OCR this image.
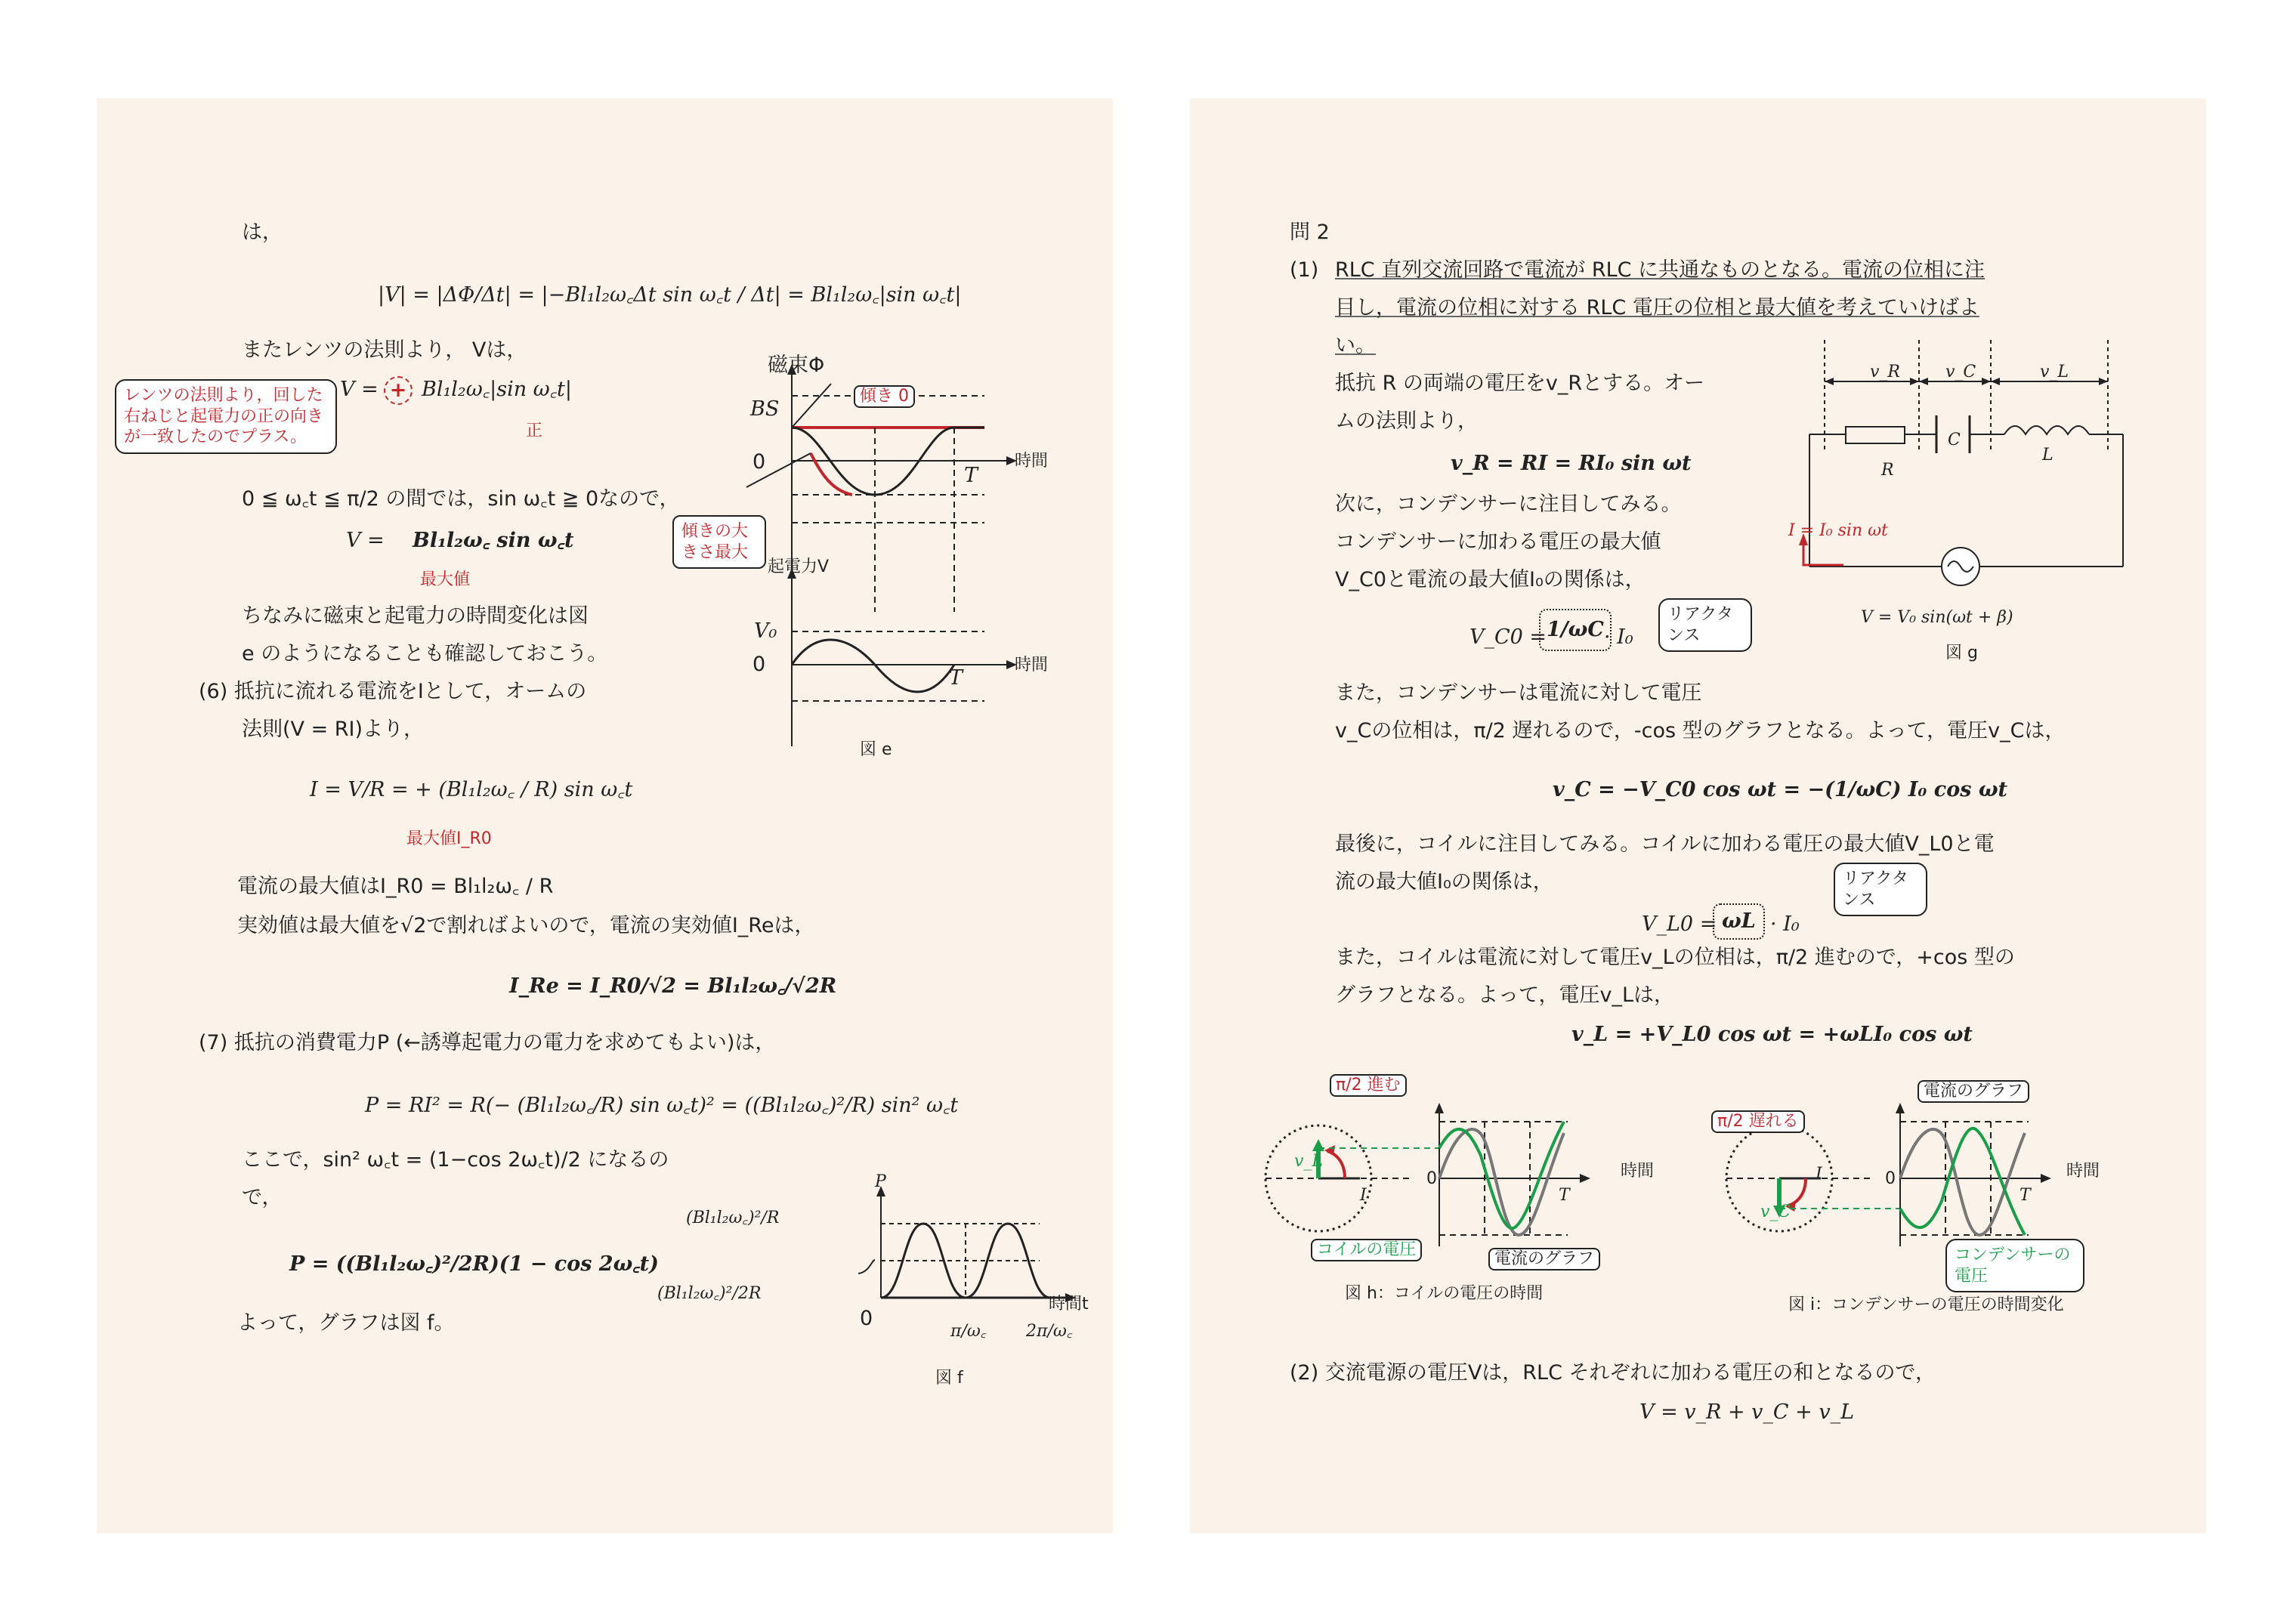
は，
|V| = |ΔΦ/Δt| = |−Bl₁l₂ω꜀Δt sin ω꜀t / Δt| = Bl₁l₂ω꜀|sin ω꜀t|
またレンツの法則より， Vは，
V = + Bl₁l₂ω꜀|sin ω꜀t|
正
レンツの法則より，回した右ねじと起電力の正の向きが一致したのでプラス。
0 ≦ ω꜀t ≦ π/2 の間では，sin ω꜀t ≧ 0なので，
V = Bl₁l₂ω꜀ sin ω꜀t
最大値
ちなみに磁束と起電力の時間変化は図
e のようになることも確認しておこう。
磁束Φ
BS
0
T
時間
傾き 0
傾きの大きさ最大
起電力V
V₀
0
T
時間
図 e
(6) 抵抗に流れる電流をIとして，オームの
法則(V = RI)より，
I = V/R = + (Bl₁l₂ω꜀ / R) sin ω꜀t
最大値I_R0
電流の最大値はI_R0 = Bl₁l₂ω꜀ / R
実効値は最大値を√2で割ればよいので，電流の実効値I_Reは，
I_Re = I_R0/√2 = Bl₁l₂ω꜀/√2R
(7) 抵抗の消費電力P (←誘導起電力の電力を求めてもよい)は，
P = RI² = R(− (Bl₁l₂ω꜀/R) sin ω꜀t)² = ((Bl₁l₂ω꜀)²/R) sin² ω꜀t
ここで，sin² ω꜀t = (1−cos 2ω꜀t)/2 になるの
で，
P = ((Bl₁l₂ω꜀)²/2R)(1 − cos 2ω꜀t)
よって，グラフは図 f。
P
(Bl₁l₂ω꜀)²/R
(Bl₁l₂ω꜀)²/2R
0
π/ω꜀ 2π/ω꜀
時間t
図 f
問 2
(1) RLC 直列交流回路で電流が RLC に共通なものとなる。電流の位相に注
目し，電流の位相に対する RLC 電圧の位相と最大値を考えていけばよ
い。
抵抗 R の両端の電圧をv_Rとする。オー
ムの法則より，
v_R = RI = RI₀ sin ωt
次に，コンデンサーに注目してみる。
コンデンサーに加わる電圧の最大値
V_C0と電流の最大値I₀の関係は，
V_C0 = 1/ωC · I₀
リアクタンス
また，コンデンサーは電流に対して電圧
v_Cの位相は，π/2 遅れるので，-cos 型のグラフとなる。よって，電圧v_Cは，
v_C = −V_C0 cos ωt = −(1/ωC) I₀ cos ωt
最後に，コイルに注目してみる。コイルに加わる電圧の最大値V_L0と電
流の最大値I₀の関係は，
V_L0 = ωL · I₀
リアクタンス
また，コイルは電流に対して電圧v_Lの位相は，π/2 進むので，+cos 型の
グラフとなる。よって，電圧v_Lは，
v_L = +V_L0 cos ωt = +ωLI₀ cos ωt
v_R	v_C	v_L
R
C
L
I = I₀ sin ωt
V = V₀ sin(ωt + β)
図 g
π/2 進む
v_L
I
0
T
時間
コイルの電圧	電流のグラフ
図 h：コイルの電圧の時間
π/2 遅れる
v_C
I	0
T
時間
電流のグラフ
コンデンサーの電圧
図 i：コンデンサーの電圧の時間変化
(2) 交流電源の電圧Vは，RLC それぞれに加わる電圧の和となるので，
V = v_R + v_C + v_L
